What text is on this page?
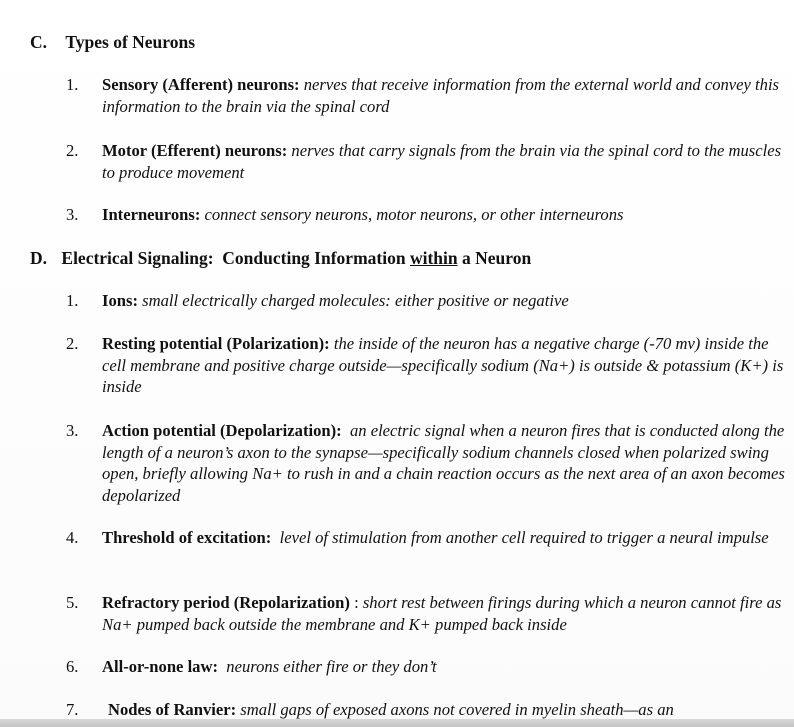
C. Types of Neurons
1. Sensory (Afferent) neurons: nerves that receive information from the external world and convey this information to the brain via the spinal cord
2. Motor (Efferent) neurons: nerves that carry signals from the brain via the spinal cord to the muscles to produce movement
3. Interneurons: connect sensory neurons, motor neurons, or other interneurons
D. Electrical Signaling:  Conducting Information within a Neuron
1. Ions: small electrically charged molecules: either positive or negative
2. Resting potential (Polarization): the inside of the neuron has a negative charge (-70 mv) inside the cell membrane and positive charge outside—specifically sodium (Na+) is outside & potassium (K+) is inside
3. Action potential (Depolarization): an electric signal when a neuron fires that is conducted along the length of a neuron’s axon to the synapse—specifically sodium channels closed when polarized swing open, briefly allowing Na+ to rush in and a chain reaction occurs as the next area of an axon becomes depolarized
4. Threshold of excitation: level of stimulation from another cell required to trigger a neural impulse
5. Refractory period (Repolarization) : short rest between firings during which a neuron cannot fire as Na+ pumped back outside the membrane and K+ pumped back inside
6. All-or-none law: neurons either fire or they don’t
7. Nodes of Ranvier: small gaps of exposed axons not covered in myelin sheath—as an
